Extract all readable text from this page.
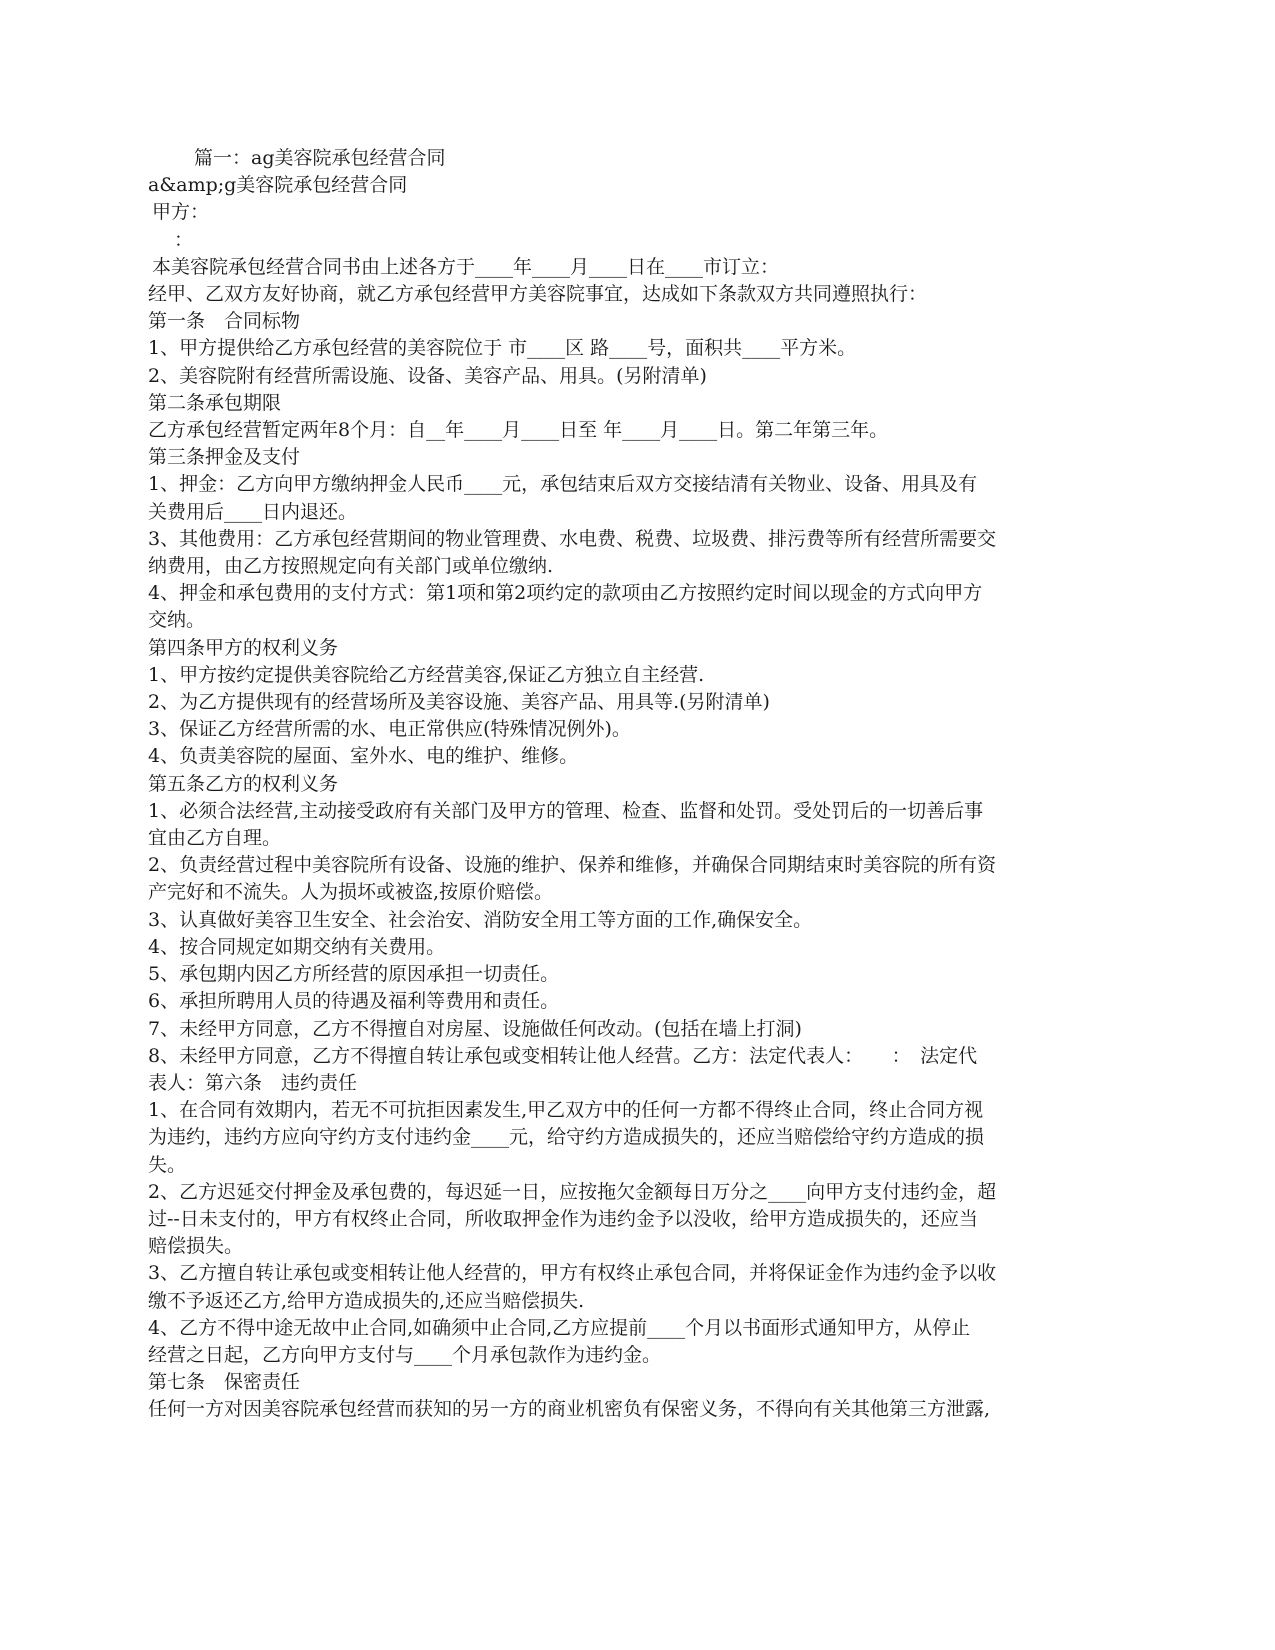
篇一：ag美容院承包经营合同

a&amp;g美容院承包经营合同

甲方：

：

本美容院承包经营合同书由上述各方于____年____月____日在____市订立：

经甲、乙双方友好协商，就乙方承包经营甲方美容院事宜，达成如下条款双方共同遵照执行：

第一条　合同标物

1、甲方提供给乙方承包经营的美容院位于 市____区 路____号，面积共____平方米。

2、美容院附有经营所需设施、设备、美容产品、用具。(另附清单)

第二条承包期限

乙方承包经营暂定两年8个月：自__年____月____日至 年____月____日。第二年第三年。

第三条押金及支付

1、押金：乙方向甲方缴纳押金人民币____元，承包结束后双方交接结清有关物业、设备、用具及有

关费用后____日内退还。

3、其他费用：乙方承包经营期间的物业管理费、水电费、税费、垃圾费、排污费等所有经营所需要交

纳费用，由乙方按照规定向有关部门或单位缴纳.

4、押金和承包费用的支付方式：第1项和第2项约定的款项由乙方按照约定时间以现金的方式向甲方

交纳。

第四条甲方的权利义务

1、甲方按约定提供美容院给乙方经营美容,保证乙方独立自主经营.

2、为乙方提供现有的经营场所及美容设施、美容产品、用具等.(另附清单)

3、保证乙方经营所需的水、电正常供应(特殊情况例外)。

4、负责美容院的屋面、室外水、电的维护、维修。

第五条乙方的权利义务

1、必须合法经营,主动接受政府有关部门及甲方的管理、检查、监督和处罚。受处罚后的一切善后事

宜由乙方自理。

2、负责经营过程中美容院所有设备、设施的维护、保养和维修，并确保合同期结束时美容院的所有资

产完好和不流失。人为损坏或被盗,按原价赔偿。

3、认真做好美容卫生安全、社会治安、消防安全用工等方面的工作,确保安全。

4、按合同规定如期交纳有关费用。

5、承包期内因乙方所经营的原因承担一切责任。

6、承担所聘用人员的待遇及福利等费用和责任。

7、未经甲方同意，乙方不得擅自对房屋、设施做任何改动。(包括在墙上打洞)

8、未经甲方同意，乙方不得擅自转让承包或变相转让他人经营。乙方：法定代表人：　　：　法定代

表人：第六条　违约责任

1、在合同有效期内，若无不可抗拒因素发生,甲乙双方中的任何一方都不得终止合同，终止合同方视

为违约，违约方应向守约方支付违约金____元，给守约方造成损失的，还应当赔偿给守约方造成的损

失。

2、乙方迟延交付押金及承包费的，每迟延一日，应按拖欠金额每日万分之____向甲方支付违约金，超

过--日未支付的，甲方有权终止合同，所收取押金作为违约金予以没收，给甲方造成损失的，还应当

赔偿损失。

3、乙方擅自转让承包或变相转让他人经营的，甲方有权终止承包合同，并将保证金作为违约金予以收

缴不予返还乙方,给甲方造成损失的,还应当赔偿损失.

4、乙方不得中途无故中止合同,如确须中止合同,乙方应提前____个月以书面形式通知甲方，从停止

经营之日起，乙方向甲方支付与____个月承包款作为违约金。

第七条　保密责任

任何一方对因美容院承包经营而获知的另一方的商业机密负有保密义务，不得向有关其他第三方泄露,
